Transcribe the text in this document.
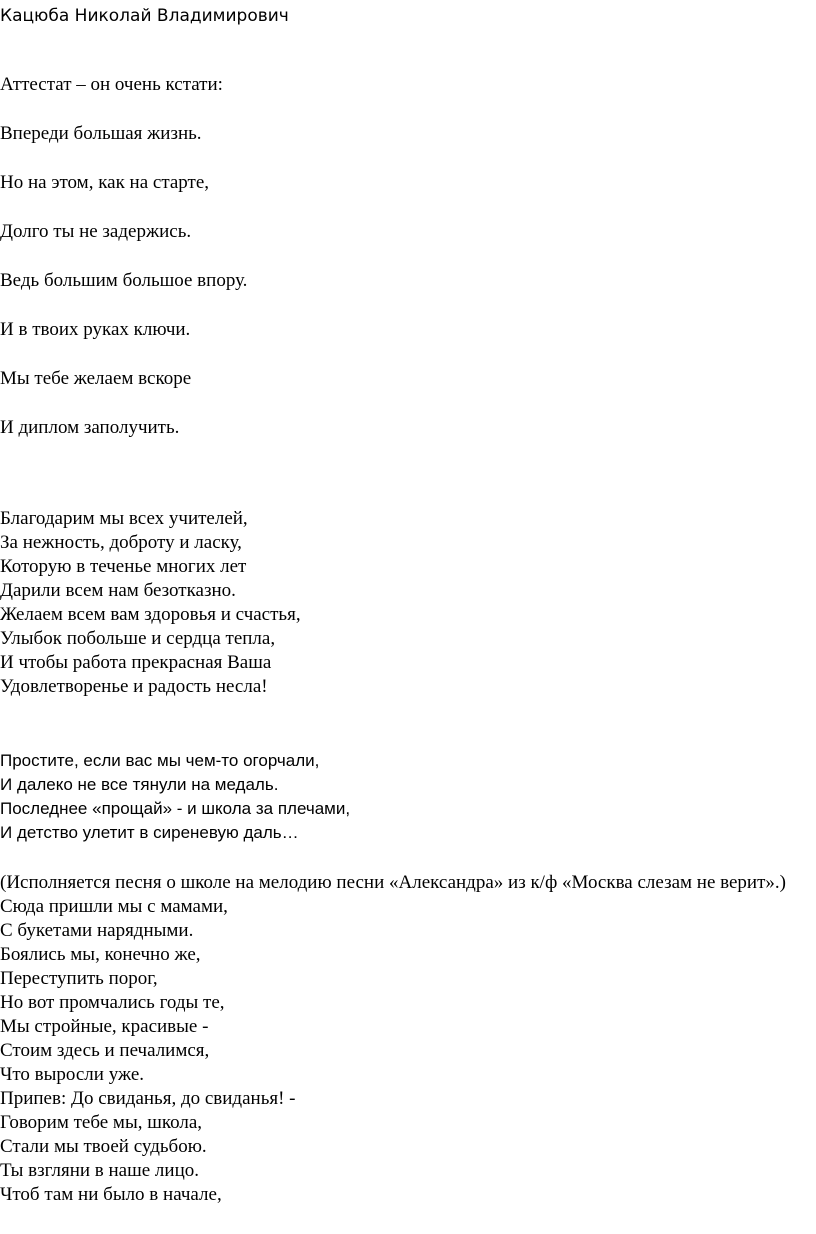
Кацюба Николай Владимирович
Аттестат – он очень кстати:
Впереди большая жизнь.
Но на этом, как на старте,
Долго ты не задержись.
Ведь большим большое впору.
И в твоих руках ключи.
Мы тебе желаем вскоре
И диплом заполучить.
Благодарим мы всех учителей,
За нежность, доброту и ласку,
Которую в теченье многих лет
Дарили всем нам безотказно.
Желаем всем вам здоровья и счастья,
Улыбок побольше и сердца тепла,
И чтобы работа прекрасная Ваша
Удовлетворенье и радость несла!
Простите, если вас мы чем-то огорчали,
И далеко не все тянули на медаль.
Последнее «прощай» - и школа за плечами,
И детство улетит в сиреневую даль…
(Исполняется песня о школе на мелодию песни «Александра» из к/ф «Москва слезам не верит».)
Сюда пришли мы с мамами,
С букетами нарядными.
Боялись мы, конечно же,
Переступить порог,
Но вот промчались годы те,
Мы стройные, красивые -
Стоим здесь и печалимся,
Что выросли уже.
Припев: До свиданья, до свиданья! -
Говорим тебе мы, школа,
Стали мы твоей судьбою.
Ты взгляни в наше лицо.
Чтоб там ни было в начале,
